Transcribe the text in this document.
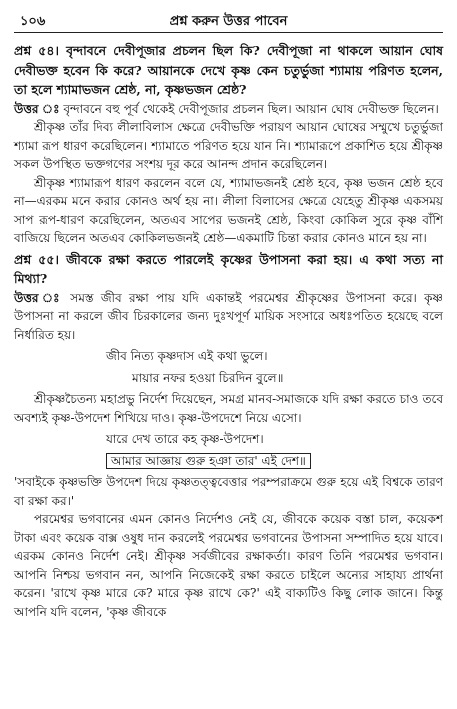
১০৬	প্রশ্ন করুন উত্তর পাবেন

প্রশ্ন ৫৪। বৃন্দাবনে দেবীপূজার প্রচলন ছিল কি? দেবীপূজা না থাকলে আয়ান ঘোষ দেবীভক্ত হবেন কি করে? আয়ানকে দেখে কৃষ্ণ কেন চতুর্ভুজা শ্যামায় পরিণত হলেন, তা হলে শ্যামাভজন শ্রেষ্ঠ, না, কৃষ্ণভজন শ্রেষ্ঠ?

উত্তর ঃ বৃন্দাবনে বহু পূর্ব থেকেই দেবীপূজার প্রচলন ছিল। আয়ান ঘোষ দেবীভক্ত ছিলেন।

শ্রীকৃষ্ণ তাঁর দিব্য লীলাবিলাস ক্ষেত্রে দেবীভক্তি পরায়ণ আয়ান ঘোষের সম্মুখে চতুর্ভুজা শ্যামা রূপ ধারণ করেছিলেন। শ্যামাতে পরিণত হয়ে যান নি। শ্যামারূপে প্রকাশিত হয়ে শ্রীকৃষ্ণ সকল উপস্থিত ভক্তগণের সংশয় দূর করে আনন্দ প্রদান করেছিলেন।

শ্রীকৃষ্ণ শ্যামারূপ ধারণ করলেন বলে যে, শ্যামাভজনই শ্রেষ্ঠ হবে, কৃষ্ণ ভজন শ্রেষ্ঠ হবে না—এরকম মনে করার কোনও অর্থ হয় না। লীলা বিলাসের ক্ষেত্রে যেহেতু শ্রীকৃষ্ণ একসময় সাপ রূপ-ধারণ করেছিলেন, অতএব সাপের ভজনই শ্রেষ্ঠ, কিংবা কোকিল সুরে কৃষ্ণ বাঁশি বাজিয়ে ছিলেন অতএব কোকিলভজনই শ্রেষ্ঠ—একমাটি চিন্তা করার কোনও মানে হয় না।

প্রশ্ন ৫৫। জীবকে রক্ষা করতে পারলেই কৃষ্ণের উপাসনা করা হয়। এ কথা সত্য না মিথ্যা?

উত্তর ঃ সমস্ত জীব রক্ষা পায় যদি একান্তই পরমেশ্বর শ্রীকৃষ্ণের উপাসনা করে। কৃষ্ণ উপাসনা না করলে জীব চিরকালের জন্য দুঃখপূর্ণ মায়িক সংসারে অধঃপতিত হয়েছে বলে নির্ধারিত হয়।

জীব নিত্য কৃষ্ণদাস এই কথা ভুলে।

মায়ার নফর হওয়া চিরদিন বুলে॥

শ্রীকৃষ্ণচৈতন্য মহাপ্রভু নির্দেশ দিয়েছেন, সমগ্র মানব-সমাজকে যদি রক্ষা করতে চাও তবে অবশ্যই কৃষ্ণ-উপদেশ শিখিয়ে দাও। কৃষ্ণ-উপদেশে নিয়ে এসো।

যারে দেখ তারে কহ কৃষ্ণ-উপদেশ।

আমার আজ্ঞায় গুরু হঞা তার' এই দেশ॥

'সবাইকে কৃষ্ণভক্তি উপদেশ দিয়ে কৃষ্ণতত্ত্ববেত্তার পরম্পরাক্রমে গুরু হয়ে এই বিশ্বকে তারণ বা রক্ষা কর।'

পরমেশ্বর ভগবানের এমন কোনও নির্দেশও নেই যে, জীবকে কয়েক বস্তা চাল, কয়েকশ টাকা এবং কয়েক বাক্স ওষুধ দান করলেই পরমেশ্বর ভগবানের উপাসনা সম্পাদিত হয়ে যাবে। এরকম কোনও নির্দেশ নেই। শ্রীকৃষ্ণ সর্বজীবের রক্ষাকর্তা। কারণ তিনি পরমেশ্বর ভগবান। আপনি নিশ্চয় ভগবান নন, আপনি নিজেকেই রক্ষা করতে চাইলে অন্যের সাহায্য প্রার্থনা করেন। 'রাখে কৃষ্ণ মারে কে? মারে কৃষ্ণ রাখে কে?' এই বাক্যটিও কিছু লোক জানে। কিন্তু আপনি যদি বলেন, 'কৃষ্ণ জীবকে
